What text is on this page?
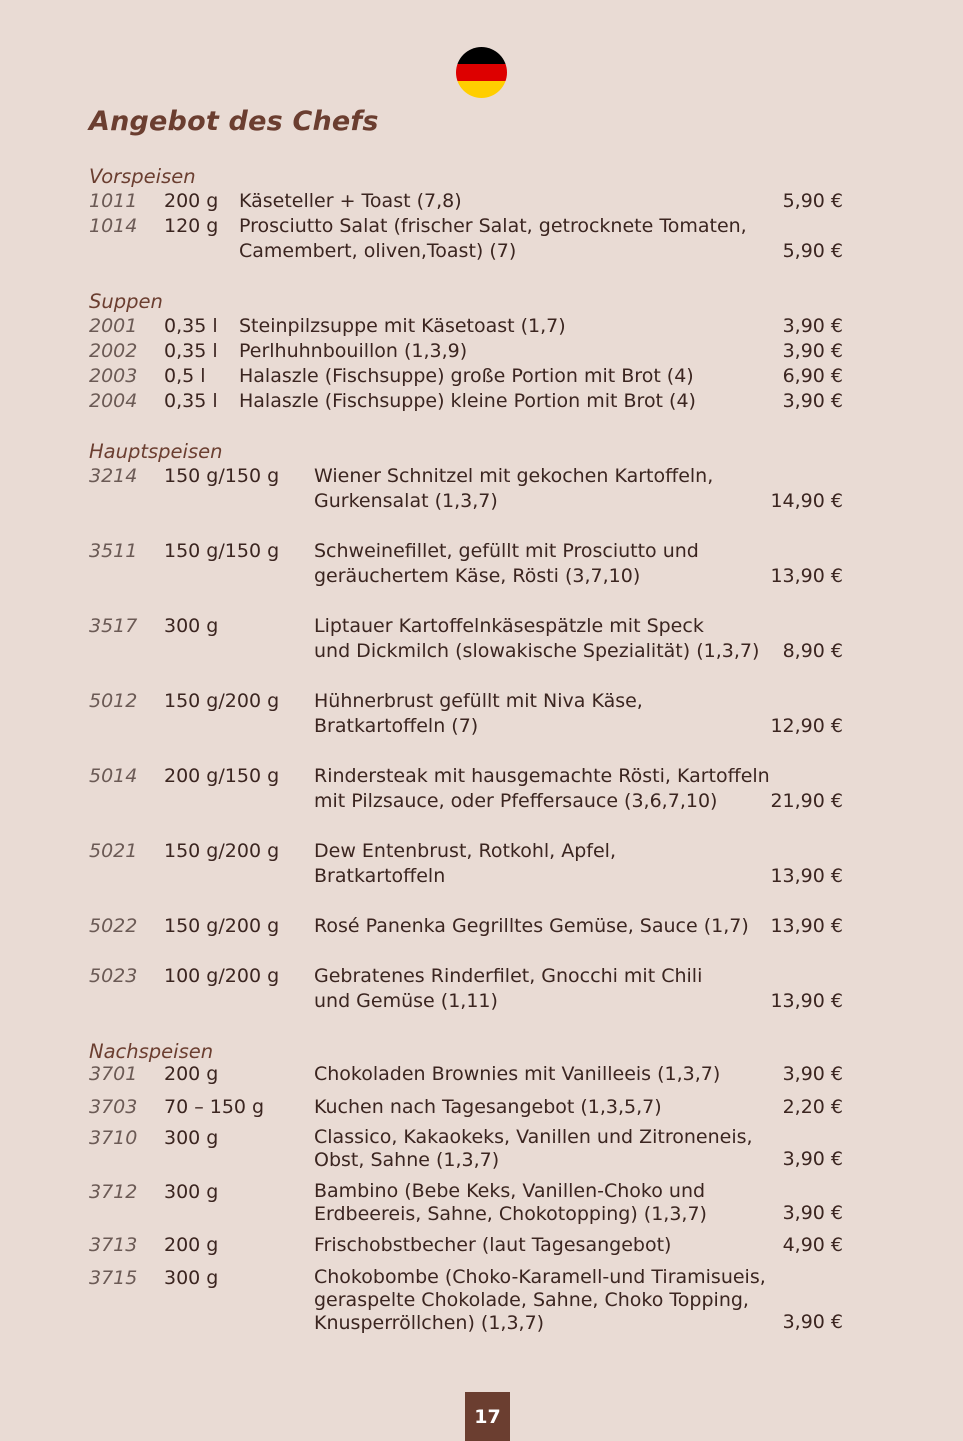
Angebot des Chefs
Vorspeisen
1011 200 g Käseteller + Toast (7,8)	5,90 €
1014 120 g Prosciutto Salat (frischer Salat, getrocknete Tomaten,
Camembert, oliven,Toast) (7)	5,90 €
Suppen
2001 0,35 l Steinpilzsuppe mit Käsetoast (1,7)	3,90 €
2002 0,35 l Perlhuhnbouillon (1,3,9)	3,90 €
2003 0,5 l Halaszle (Fischsuppe) große Portion mit Brot (4)	6,90 €
2004 0,35 l Halaszle (Fischsuppe) kleine Portion mit Brot (4)	3,90 €
Hauptspeisen
3214 150 g/150 g Wiener Schnitzel mit gekochen Kartoffeln,
Gurkensalat (1,3,7)	14,90 €
3511 150 g/150 g Schweinefillet, gefüllt mit Prosciutto und
geräuchertem Käse, Rösti (3,7,10)	13,90 €
3517 300 g	Liptauer Kartoffelnkäsespätzle mit Speck
und Dickmilch (slowakische Spezialität) (1,3,7) 8,90 €
5012 150 g/200 g Hühnerbrust gefüllt mit Niva Käse,
Bratkartoffeln (7)	12,90 €
5014 200 g/150 g Rindersteak mit hausgemachte Rösti, Kartoffeln
mit Pilzsauce, oder Pfeffersauce (3,6,7,10)	21,90 €
5021 150 g/200 g Dew Entenbrust, Rotkohl, Apfel,
Bratkartoffeln	13,90 €
5022 150 g/200 g Rosé Panenka Gegrilltes Gemüse, Sauce (1,7)	13,90 €
5023 100 g/200 g Gebratenes Rinderfilet, Gnocchi mit Chili
und Gemüse (1,11)	13,90 €
Nachspeisen
3701 200 g	Chokoladen Brownies mit Vanilleeis (1,3,7)	3,90 €
3703 70 – 150 g	Kuchen nach Tagesangebot (1,3,5,7)	2,20 €
3710 300 g	Classico, Kakaokeks, Vanillen und Zitroneneis,
Obst, Sahne (1,3,7)	3,90 €
3712 300 g	Bambino (Bebe Keks, Vanillen-Choko und
Erdbeereis, Sahne, Chokotopping) (1,3,7)	3,90 €
3713 200 g	Frischobstbecher (laut Tagesangebot)	4,90 €
3715 300 g	Chokobombe (Choko-Karamell-und Tiramisueis,
geraspelte Chokolade, Sahne, Choko Topping,
Knusperröllchen) (1,3,7)	3,90 €
17
